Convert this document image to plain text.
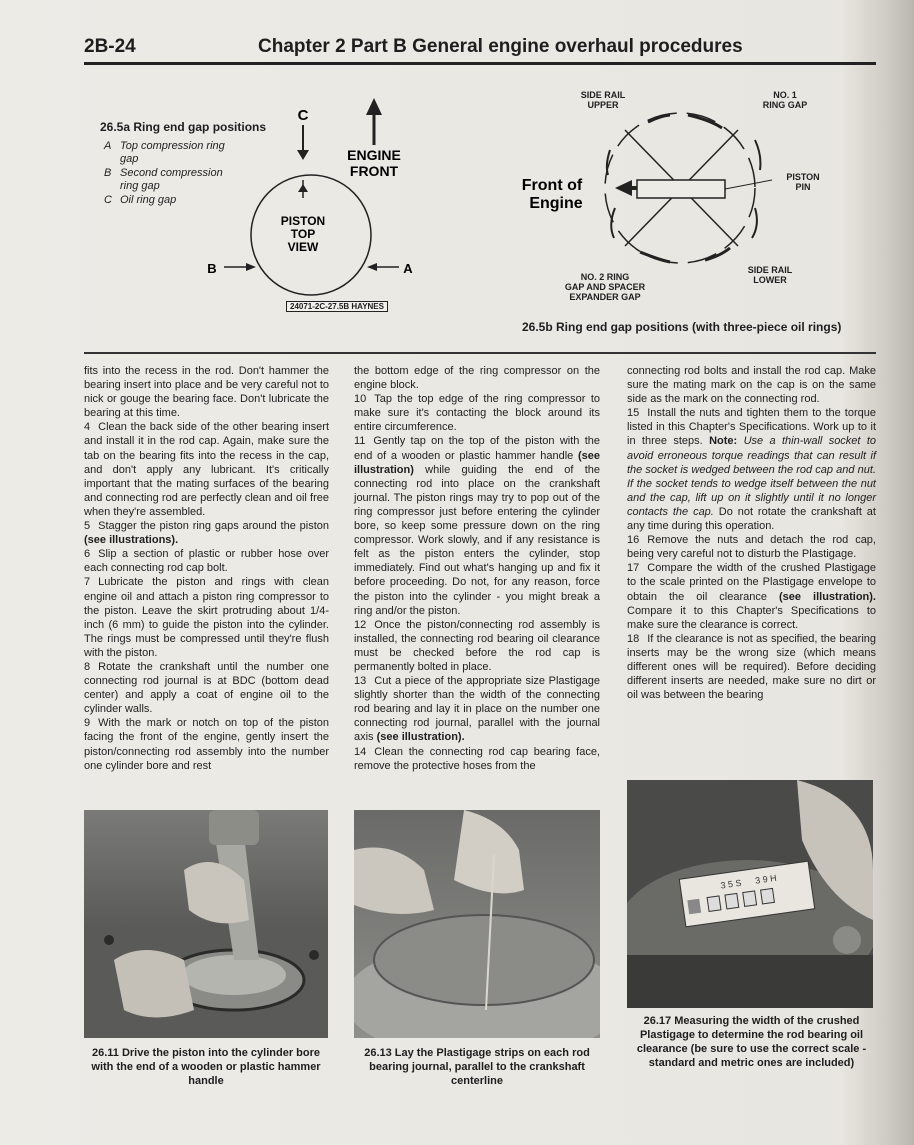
2B-24	Chapter 2 Part B General engine overhaul procedures
26.5a Ring end gap positions
A Top compression ring gap
B Second compression ring gap
C Oil ring gap
C
B	A
ENGINE
FRONT
PISTON
TOP
VIEW
24071-2C-27.5B HAYNES
Front of
Engine
SIDE RAIL
UPPER
NO. 1
RING GAP
PISTON
PIN
SIDE RAIL
LOWER
NO. 2 RING
GAP AND SPACER
EXPANDER GAP
26.5b Ring end gap positions (with three-piece oil rings)

fits into the recess in the rod. Don't hammer the bearing insert into place and be very careful not to nick or gouge the bearing face. Don't lubricate the bearing at this time.

4 Clean the back side of the other bearing insert and install it in the rod cap. Again, make sure the tab on the bearing fits into the recess in the cap, and don't apply any lubricant. It's critically important that the mating surfaces of the bearing and connecting rod are perfectly clean and oil free when they're assembled.

5 Stagger the piston ring gaps around the piston (see illustrations).

6 Slip a section of plastic or rubber hose over each connecting rod cap bolt.

7 Lubricate the piston and rings with clean engine oil and attach a piston ring compressor to the piston. Leave the skirt protruding about 1/4-inch (6 mm) to guide the piston into the cylinder. The rings must be compressed until they're flush with the piston.

8 Rotate the crankshaft until the number one connecting rod journal is at BDC (bottom dead center) and apply a coat of engine oil to the cylinder walls.

9 With the mark or notch on top of the piston facing the front of the engine, gently insert the piston/connecting rod assembly into the number one cylinder bore and rest

the bottom edge of the ring compressor on the engine block.

10 Tap the top edge of the ring compressor to make sure it's contacting the block around its entire circumference.

11 Gently tap on the top of the piston with the end of a wooden or plastic hammer handle (see illustration) while guiding the end of the connecting rod into place on the crankshaft journal. The piston rings may try to pop out of the ring compressor just before entering the cylinder bore, so keep some pressure down on the ring compressor. Work slowly, and if any resistance is felt as the piston enters the cylinder, stop immediately. Find out what's hanging up and fix it before proceeding. Do not, for any reason, force the piston into the cylinder - you might break a ring and/or the piston.

12 Once the piston/connecting rod assembly is installed, the connecting rod bearing oil clearance must be checked before the rod cap is permanently bolted in place.

13 Cut a piece of the appropriate size Plastigage slightly shorter than the width of the connecting rod bearing and lay it in place on the number one connecting rod journal, parallel with the journal axis (see illustration).

14 Clean the connecting rod cap bearing face, remove the protective hoses from the

connecting rod bolts and install the rod cap. Make sure the mating mark on the cap is on the same side as the mark on the connecting rod.

15 Install the nuts and tighten them to the torque listed in this Chapter's Specifications. Work up to it in three steps. Note: Use a thin-wall socket to avoid erroneous torque readings that can result if the socket is wedged between the rod cap and nut. If the socket tends to wedge itself between the nut and the cap, lift up on it slightly until it no longer contacts the cap. Do not rotate the crankshaft at any time during this operation.

16 Remove the nuts and detach the rod cap, being very careful not to disturb the Plastigage.

17 Compare the width of the crushed Plastigage to the scale printed on the Plastigage envelope to obtain the oil clearance (see illustration). Compare it to this Chapter's Specifications to make sure the clearance is correct.

18 If the clearance is not as specified, the bearing inserts may be the wrong size (which means different ones will be required). Before deciding different inserts are needed, make sure no dirt or oil was between the bearing

26.11 Drive the piston into the cylinder bore with the end of a wooden or plastic hammer handle
26.13 Lay the Plastigage strips on each rod bearing journal, parallel to the crankshaft centerline
3 5 S 3 9 H
26.17 Measuring the width of the crushed Plastigage to determine the rod bearing oil clearance (be sure to use the correct scale - standard and metric ones are included)
